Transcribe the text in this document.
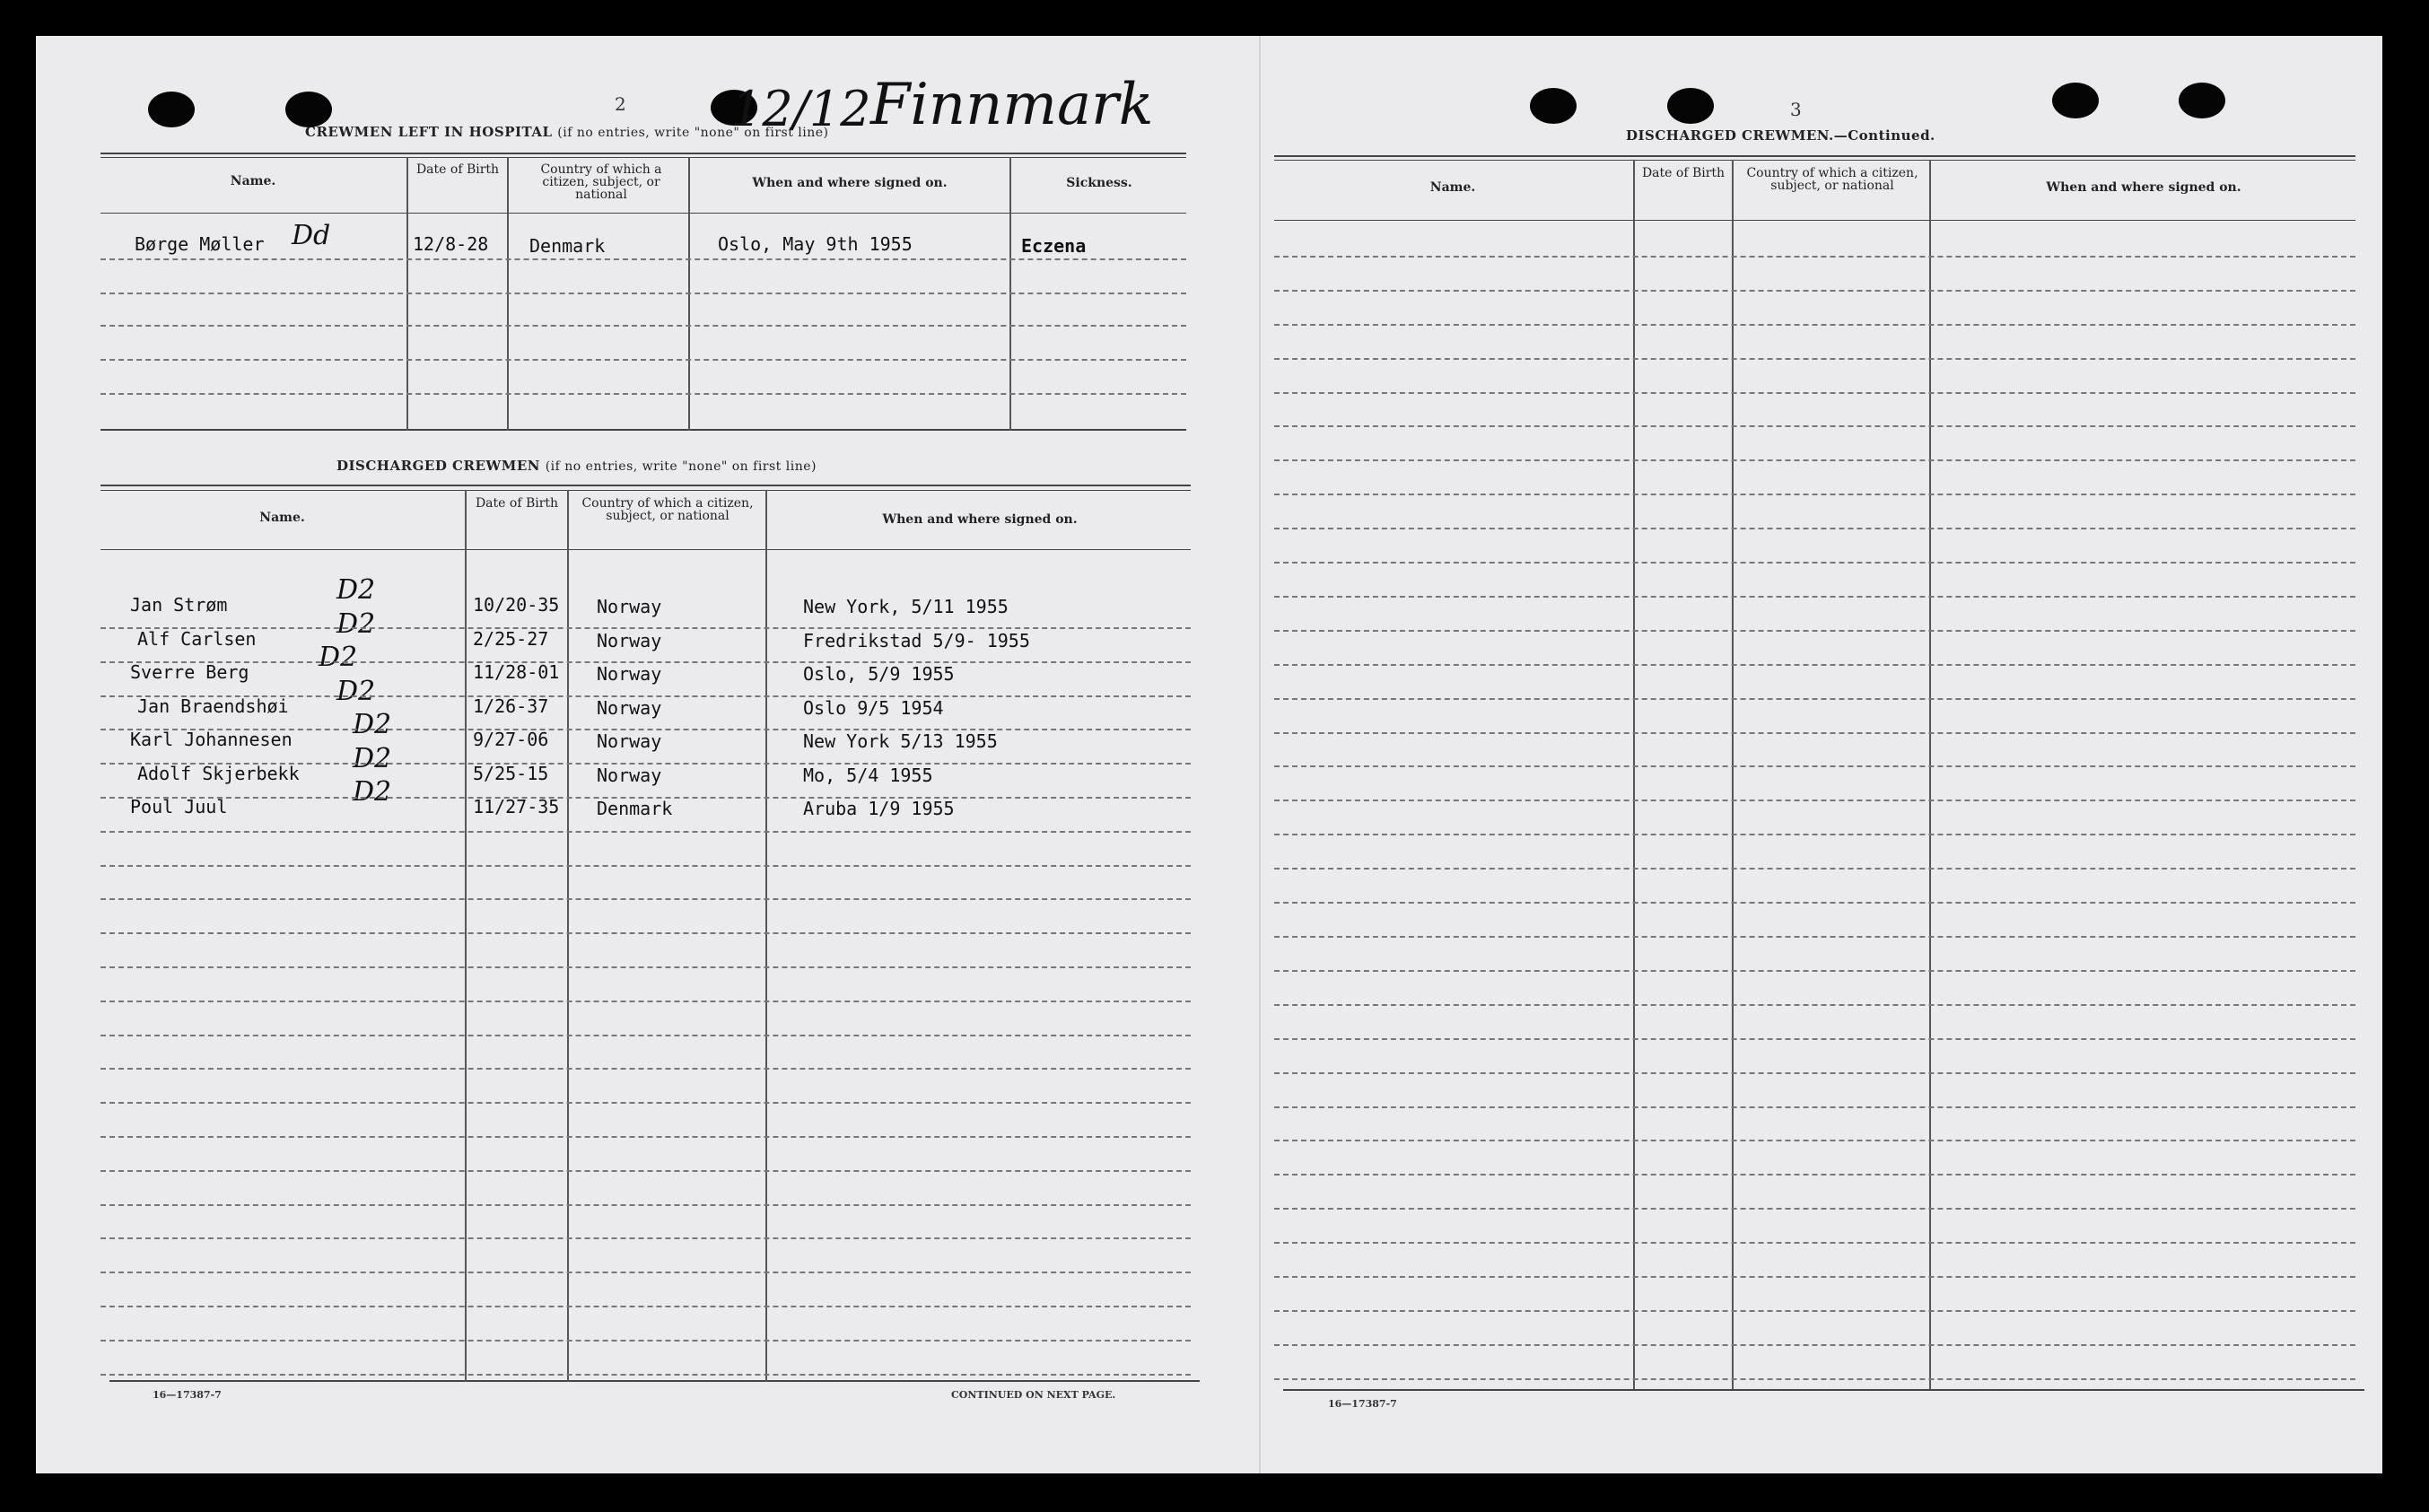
2 12/12 Finnmark
CREWMEN LEFT IN HOSPITAL (if no entries, write "none" on first line)
Name.
Date of Birth	Country of which a citizen, subject, or national
When and where signed on.	Sickness.
Børge Møller Dd	12/8-28 Denmark	Oslo, May 9th 1955	Eczena
DISCHARGED CREWMEN (if no entries, write "none" on first line)
Name.
Date of Birth	Country of which a citizen, subject, or national	When and where signed on.
Jan Strøm	D2	10/20-35 Norway	New York, 5/11 1955
Alf Carlsen	D2	2/25-27	Norway	Fredrikstad 5/9- 1955
Sverre Berg	D2	11/28-01 Norway	Oslo, 5/9 1955
Jan Braendshøi D2	1/26-37	Norway	Oslo 9/5 1954
Karl Johannesen D2	9/27-06	Norway	New York 5/13 1955
Adolf Skjerbekk D2	5/25-15	Norway	Mo, 5/4 1955
Poul Juul	D2	11/27-35 Denmark	Aruba 1/9 1955
16—17387-7	CONTINUED ON NEXT PAGE.
3
DISCHARGED CREWMEN.—Continued.
Name.
Date of Birth	Country of which a citizen, subject, or national	When and where signed on.
16—17387-7
